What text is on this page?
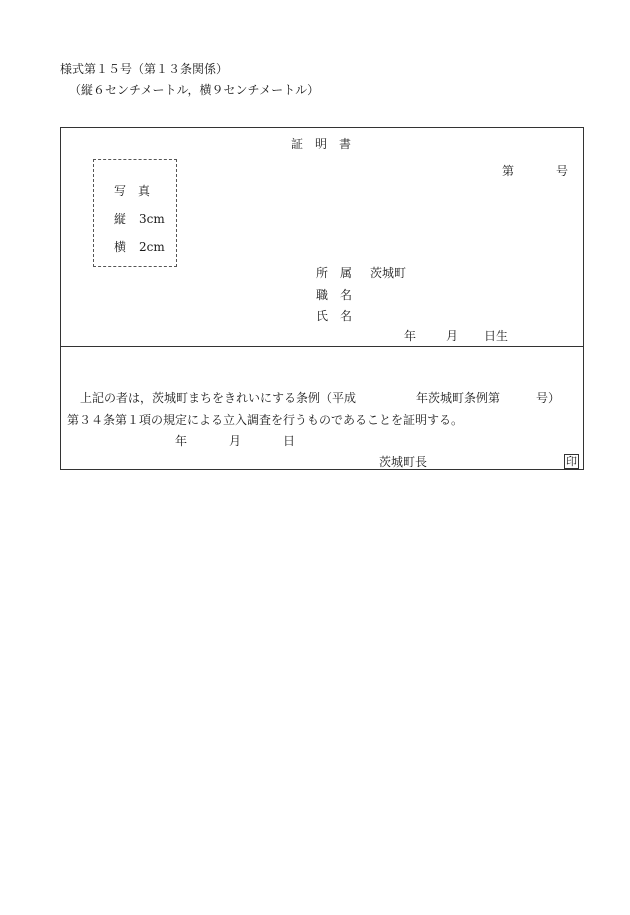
様式第１５号（第１３条関係）
（縦６センチメートル，横９センチメートル）
証　明　書
第	号
写　真
縦 3cm
横 2cm
所　属 茨城町
職　名
氏　名
年 月 日生
上記の者は，茨城町まちをきれいにする条例（平成	年茨城町条例第	号）
第３４条第１項の規定による立入調査を行うものであることを証明する。
年	月	日
茨城町長	印
